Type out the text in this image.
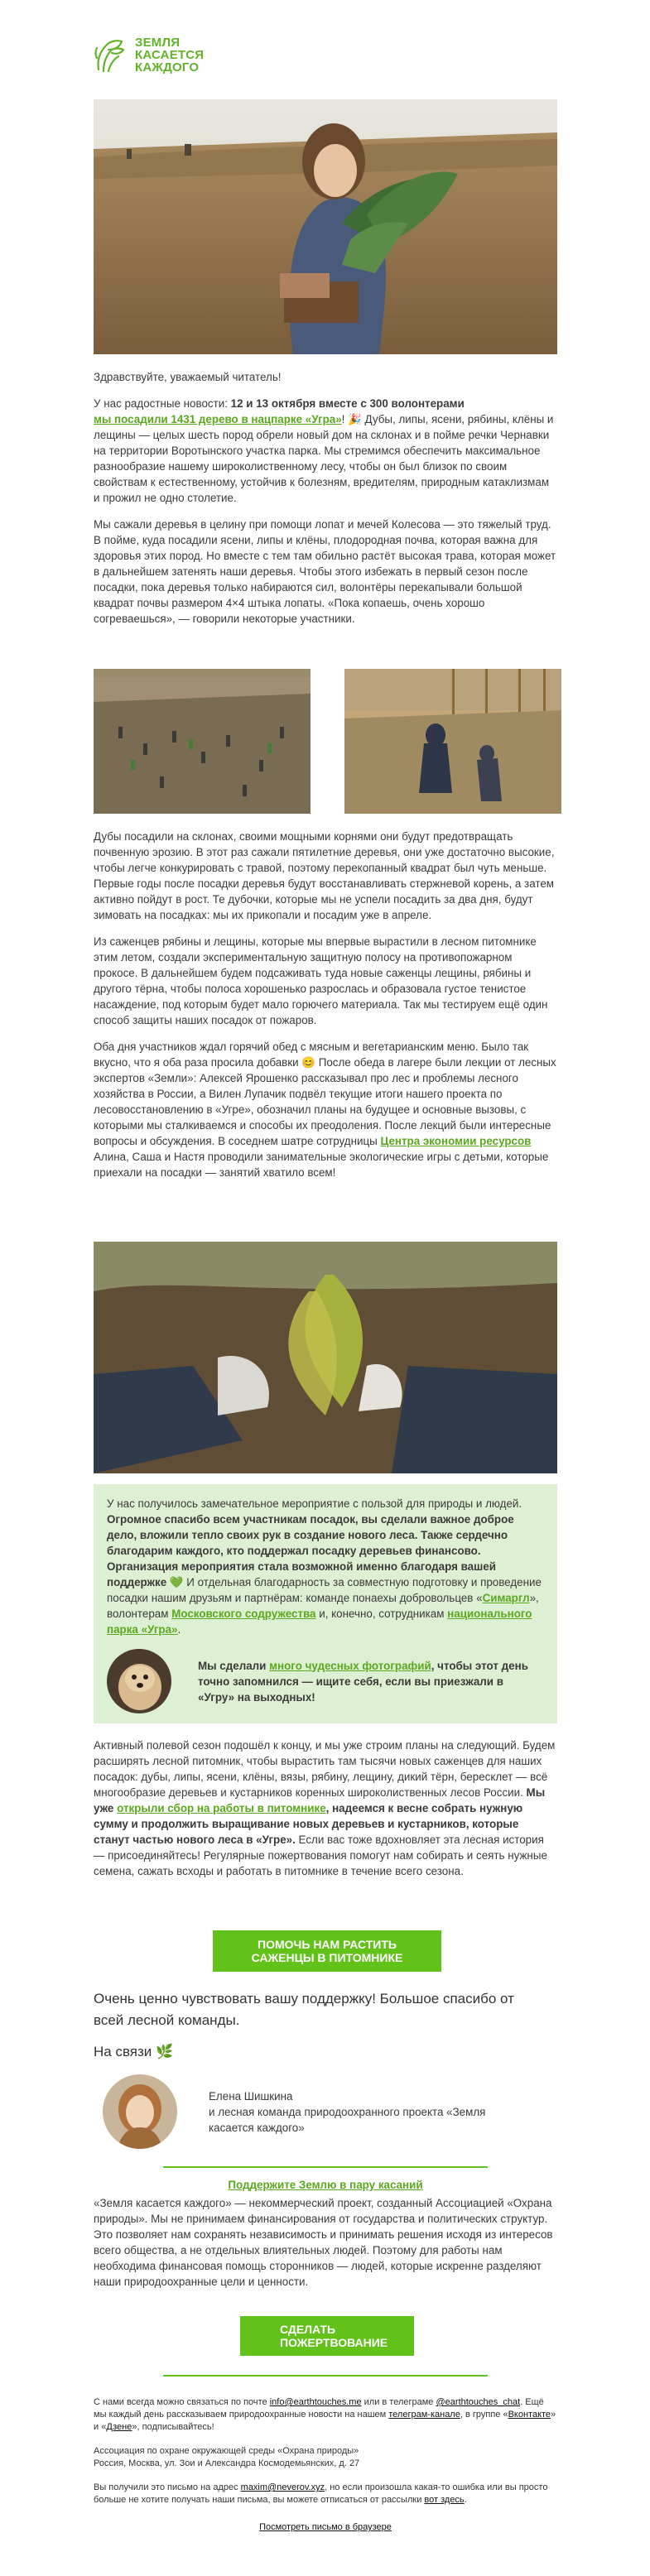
ЗЕМЛЯ
КАСАЕТСЯ
КАЖДОГО

Здравствуйте, уважаемый читатель!

У нас радостные новости: 12 и 13 октября вместе с 300 волонтерами
мы посадили 1431 дерево в нацпарке «Угра»! 🎉 Дубы, липы, ясени, рябины, клёны и лещины — целых шесть пород обрели новый дом на склонах и в пойме речки Чернавки на территории Воротынского участка парка. Мы стремимся обеспечить максимальное разнообразие нашему широколиственному лесу, чтобы он был близок по своим свойствам к естественному, устойчив к болезням, вредителям, природным катаклизмам и прожил не одно столетие.

Мы сажали деревья в целину при помощи лопат и мечей Колесова — это тяжелый труд. В пойме, куда посадили ясени, липы и клёны, плодородная почва, которая важна для здоровья этих пород. Но вместе с тем там обильно растёт высокая трава, которая может в дальнейшем затенять наши деревья. Чтобы этого избежать в первый сезон после посадки, пока деревья только набираются сил, волонтёры перекапывали большой квадрат почвы размером 4×4 штыка лопаты. «Пока копаешь, очень хорошо согреваешься», — говорили некоторые участники.

Дубы посадили на склонах, своими мощными корнями они будут предотвращать почвенную эрозию. В этот раз сажали пятилетние деревья, они уже достаточно высокие, чтобы легче конкурировать с травой, поэтому перекопанный квадрат был чуть меньше. Первые годы после посадки деревья будут восстанавливать стержневой корень, а затем активно пойдут в рост. Те дубочки, которые мы не успели посадить за два дня, будут зимовать на посадках: мы их прикопали и посадим уже в апреле.

Из саженцев рябины и лещины, которые мы впервые вырастили в лесном питомнике этим летом, создали экспериментальную защитную полосу на противопожарном прокосе. В дальнейшем будем подсаживать туда новые саженцы лещины, рябины и другого тёрна, чтобы полоса хорошенько разрослась и образовала густое тенистое насаждение, под которым будет мало горючего материала. Так мы тестируем ещё один способ защиты наших посадок от пожаров.

Оба дня участников ждал горячий обед с мясным и вегетарианским меню. Было так вкусно, что я оба раза просила добавки 😊 После обеда в лагере были лекции от лесных экспертов «Земли»: Алексей Ярошенко рассказывал про лес и проблемы лесного хозяйства в России, а Вилен Лупачик подвёл текущие итоги нашего проекта по лесовосстановлению в «Угре», обозначил планы на будущее и основные вызовы, с которыми мы сталкиваемся и способы их преодоления. После лекций были интересные вопросы и обсуждения. В соседнем шатре сотрудницы Центра экономии ресурсов Алина, Саша и Настя проводили занимательные экологические игры с детьми, которые приехали на посадки — занятий хватило всем!

У нас получилось замечательное мероприятие с пользой для природы и людей. Огромное спасибо всем участникам посадок, вы сделали важное доброе дело, вложили тепло своих рук в создание нового леса. Также сердечно благодарим каждого, кто поддержал посадку деревьев финансово. Организация мероприятия стала возможной именно благодаря вашей поддержке 💚 И отдельная благодарность за совместную подготовку и проведение посадки нашим друзьям и партнёрам: команде понаехы добровольцев «Симаргл», волонтерам Московского содружества и, конечно, сотрудникам национального парка «Угра».

Мы сделали много чудесных фотографий, чтобы этот день точно запомнился — ищите себя, если вы приезжали в «Угру» на выходных!

Активный полевой сезон подошёл к концу, и мы уже строим планы на следующий. Будем расширять лесной питомник, чтобы вырастить там тысячи новых саженцев для наших посадок: дубы, липы, ясени, клёны, вязы, рябину, лещину, дикий тёрн, бересклет — всё многообразие деревьев и кустарников коренных широколиственных лесов России. Мы уже открыли сбор на работы в питомнике, надеемся к весне собрать нужную сумму и продолжить выращивание новых деревьев и кустарников, которые станут частью нового леса в «Угре». Если вас тоже вдохновляет эта лесная история — присоединяйтесь! Регулярные пожертвования помогут нам собирать и сеять нужные семена, сажать всходы и работать в питомнике в течение всего сезона.

ПОМОЧЬ НАМ РАСТИТЬ
САЖЕНЦЫ В ПИТОМНИКЕ

Очень ценно чувствовать вашу поддержку! Большое спасибо от всей лесной команды.

На связи 🌿

Елена Шишкина
и лесная команда природоохранного проекта «Земля касается каждого»
Поддержите Землю в пару касаний

«Земля касается каждого» — некоммерческий проект, созданный Ассоциацией «Охрана природы». Мы не принимаем финансирования от государства и политических структур. Это позволяет нам сохранять независимость и принимать решения исходя из интересов всего общества, а не отдельных влиятельных людей. Поэтому для работы нам необходима финансовая помощь сторонников — людей, которые искренне разделяют наши природоохранные цели и ценности.

СДЕЛАТЬ
ПОЖЕРТВОВАНИЕ

С нами всегда можно связаться по почте info@earthtouches.me или в телеграме @earthtouches_chat. Ещё мы каждый день рассказываем природоохранные новости на нашем телеграм-канале, в группе «Вконтакте» и «Дзене», подписывайтесь!

Ассоциация по охране окружающей среды «Охрана природы»

Россия, Москва, ул. Зои и Александра Космодемьянских, д. 27

Вы получили это письмо на адрес maxim@neverov.xyz, но если произошла какая-то ошибка или вы просто больше не хотите получать наши письма, вы можете отписаться от рассылки вот здесь.

Посмотреть письмо в браузере
